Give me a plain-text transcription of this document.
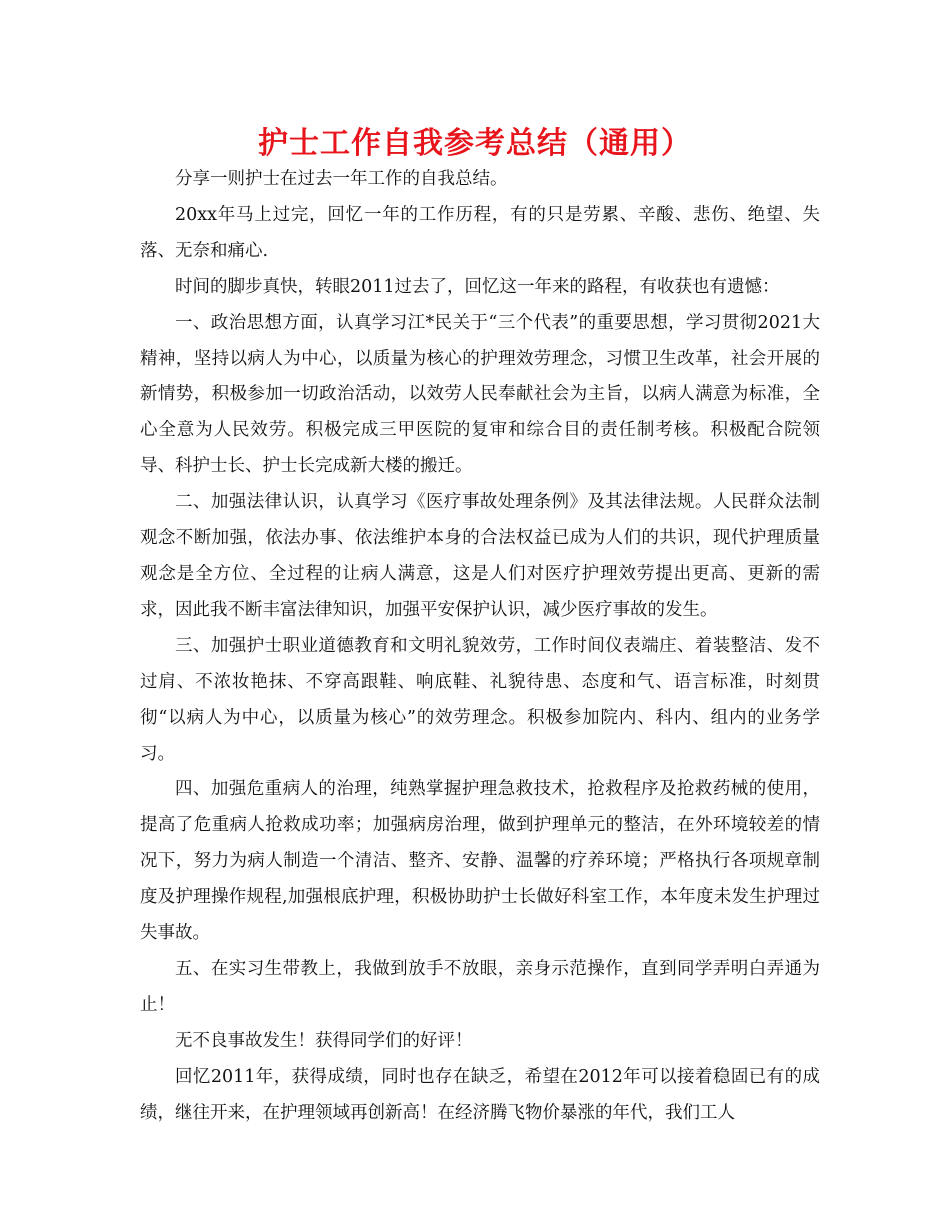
护士工作自我参考总结（通用）

分享一则护士在过去一年工作的自我总结。

20xx年马上过完，回忆一年的工作历程，有的只是劳累、辛酸、悲伤、绝望、失落、无奈和痛心.

时间的脚步真快，转眼2011过去了，回忆这一年来的路程，有收获也有遗憾：

一、政治思想方面，认真学习江*民关于“三个代表”的重要思想，学习贯彻2021大精神，坚持以病人为中心，以质量为核心的护理效劳理念，习惯卫生改革，社会开展的新情势，积极参加一切政治活动，以效劳人民奉献社会为主旨，以病人满意为标准，全心全意为人民效劳。积极完成三甲医院的复审和综合目的责任制考核。积极配合院领导、科护士长、护士长完成新大楼的搬迁。

二、加强法律认识，认真学习《医疗事故处理条例》及其法律法规。人民群众法制观念不断加强，依法办事、依法维护本身的合法权益已成为人们的共识，现代护理质量观念是全方位、全过程的让病人满意，这是人们对医疗护理效劳提出更高、更新的需求，因此我不断丰富法律知识，加强平安保护认识，减少医疗事故的发生。

三、加强护士职业道德教育和文明礼貌效劳，工作时间仪表端庄、着装整洁、发不过肩、不浓妆艳抹、不穿高跟鞋、响底鞋、礼貌待患、态度和气、语言标准，时刻贯彻“以病人为中心，以质量为核心”的效劳理念。积极参加院内、科内、组内的业务学习。

四、加强危重病人的治理，纯熟掌握护理急救技术，抢救程序及抢救药械的使用，提高了危重病人抢救成功率；加强病房治理，做到护理单元的整洁，在外环境较差的情况下，努力为病人制造一个清洁、整齐、安静、温馨的疗养环境；严格执行各项规章制度及护理操作规程,加强根底护理，积极协助护士长做好科室工作，本年度未发生护理过失事故。

五、在实习生带教上，我做到放手不放眼，亲身示范操作，直到同学弄明白弄通为止！

无不良事故发生！获得同学们的好评！

回忆2011年，获得成绩，同时也存在缺乏，希望在2012年可以接着稳固已有的成绩，继往开来，在护理领域再创新高！在经济腾飞物价暴涨的年代，我们工人
